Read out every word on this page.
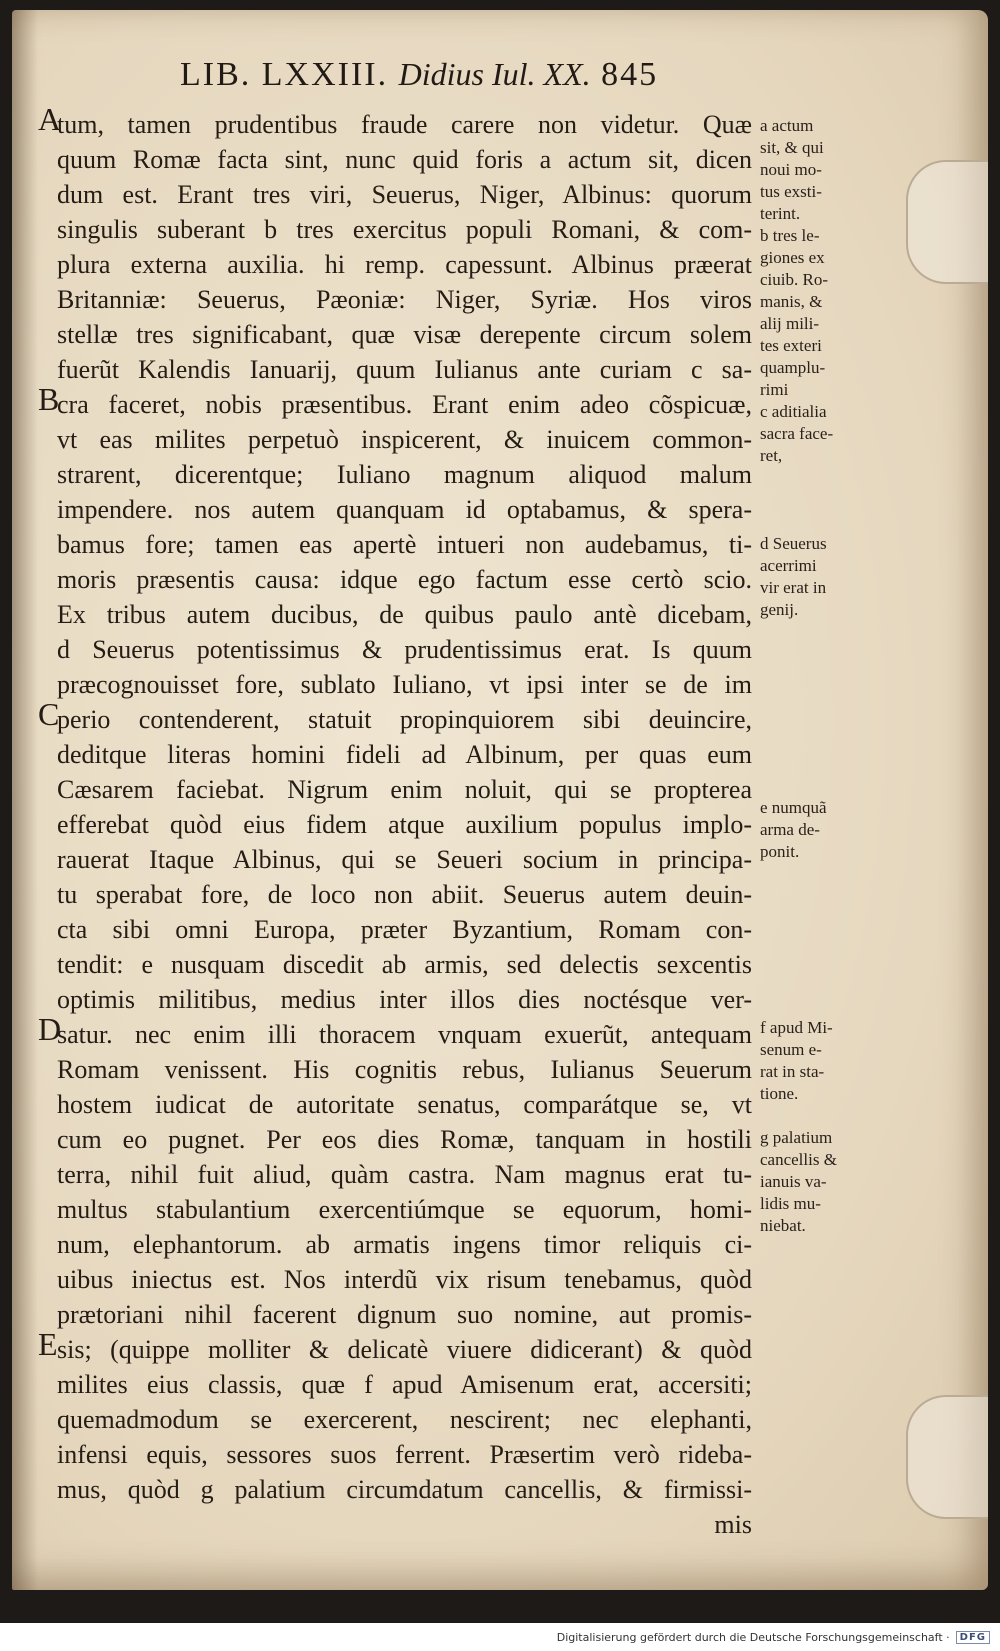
LIB. LXXIII. Didius Iul. XX. 845
tum, tamen prudentibus fraude carere non videtur. Quæ
quum Romæ facta sint, nunc quid foris a actum sit, dicen
dum est. Erant tres viri, Seuerus, Niger, Albinus: quorum
singulis suberant b tres exercitus populi Romani, & com-
plura externa auxilia. hi remp. capessunt. Albinus præerat
Britanniæ: Seuerus, Pæoniæ: Niger, Syriæ. Hos viros
stellæ tres significabant, quæ visæ derepente circum solem
fuerũt Kalendis Ianuarij, quum Iulianus ante curiam c sa-
cra faceret, nobis præsentibus. Erant enim adeo cõspicuæ,
vt eas milites perpetuò inspicerent, & inuicem common-
strarent, dicerentque; Iuliano magnum aliquod malum
impendere. nos autem quanquam id optabamus, & spera-
bamus fore; tamen eas apertè intueri non audebamus, ti-
moris præsentis causa: idque ego factum esse certò scio.
Ex tribus autem ducibus, de quibus paulo antè dicebam,
d Seuerus potentissimus & prudentissimus erat. Is quum
præcognouisset fore, sublato Iuliano, vt ipsi inter se de im
perio contenderent, statuit propinquiorem sibi deuincire,
deditque literas homini fideli ad Albinum, per quas eum
Cæsarem faciebat. Nigrum enim noluit, qui se propterea
efferebat quòd eius fidem atque auxilium populus implo-
rauerat Itaque Albinus, qui se Seueri socium in principa-
tu sperabat fore, de loco non abiit. Seuerus autem deuin-
cta sibi omni Europa, præter Byzantium, Romam con-
tendit: e nusquam discedit ab armis, sed delectis sexcentis
optimis militibus, medius inter illos dies noctésque ver-
satur. nec enim illi thoracem vnquam exuerũt, antequam
Romam venissent. His cognitis rebus, Iulianus Seuerum
hostem iudicat de autoritate senatus, comparátque se, vt
cum eo pugnet. Per eos dies Romæ, tanquam in hostili
terra, nihil fuit aliud, quàm castra. Nam magnus erat tu-
multus stabulantium exercentiúmque se equorum, homi-
num, elephantorum. ab armatis ingens timor reliquis ci-
uibus iniectus est. Nos interdũ vix risum tenebamus, quòd
prætoriani nihil facerent dignum suo nomine, aut promis-
sis; (quippe molliter & delicatè viuere didicerant) & quòd
milites eius classis, quæ f apud Amisenum erat, accersiti;
quemadmodum se exercerent, nescirent; nec elephanti,
infensi equis, sessores suos ferrent. Præsertim verò rideba-
mus, quòd g palatium circumdatum cancellis, & firmissi-
mis
A
B
C
D
E
a actum
sit, & qui
noui mo-
tus exsti-
terint.
b tres le-
giones ex
ciuib. Ro-
manis, &
alij mili-
tes exteri
quamplu-
rimi
c aditialia
sacra face-
ret,
d Seuerus
acerrimi
vir erat in
genij.
e numquã
arma de-
ponit.
f apud Mi-
senum e-
rat in sta-
tione.
g palatium
cancellis &
ianuis va-
lidis mu-
niebat.
Digitalisierung gefördert durch die Deutsche Forschungsgemeinschaft ·	DFG
